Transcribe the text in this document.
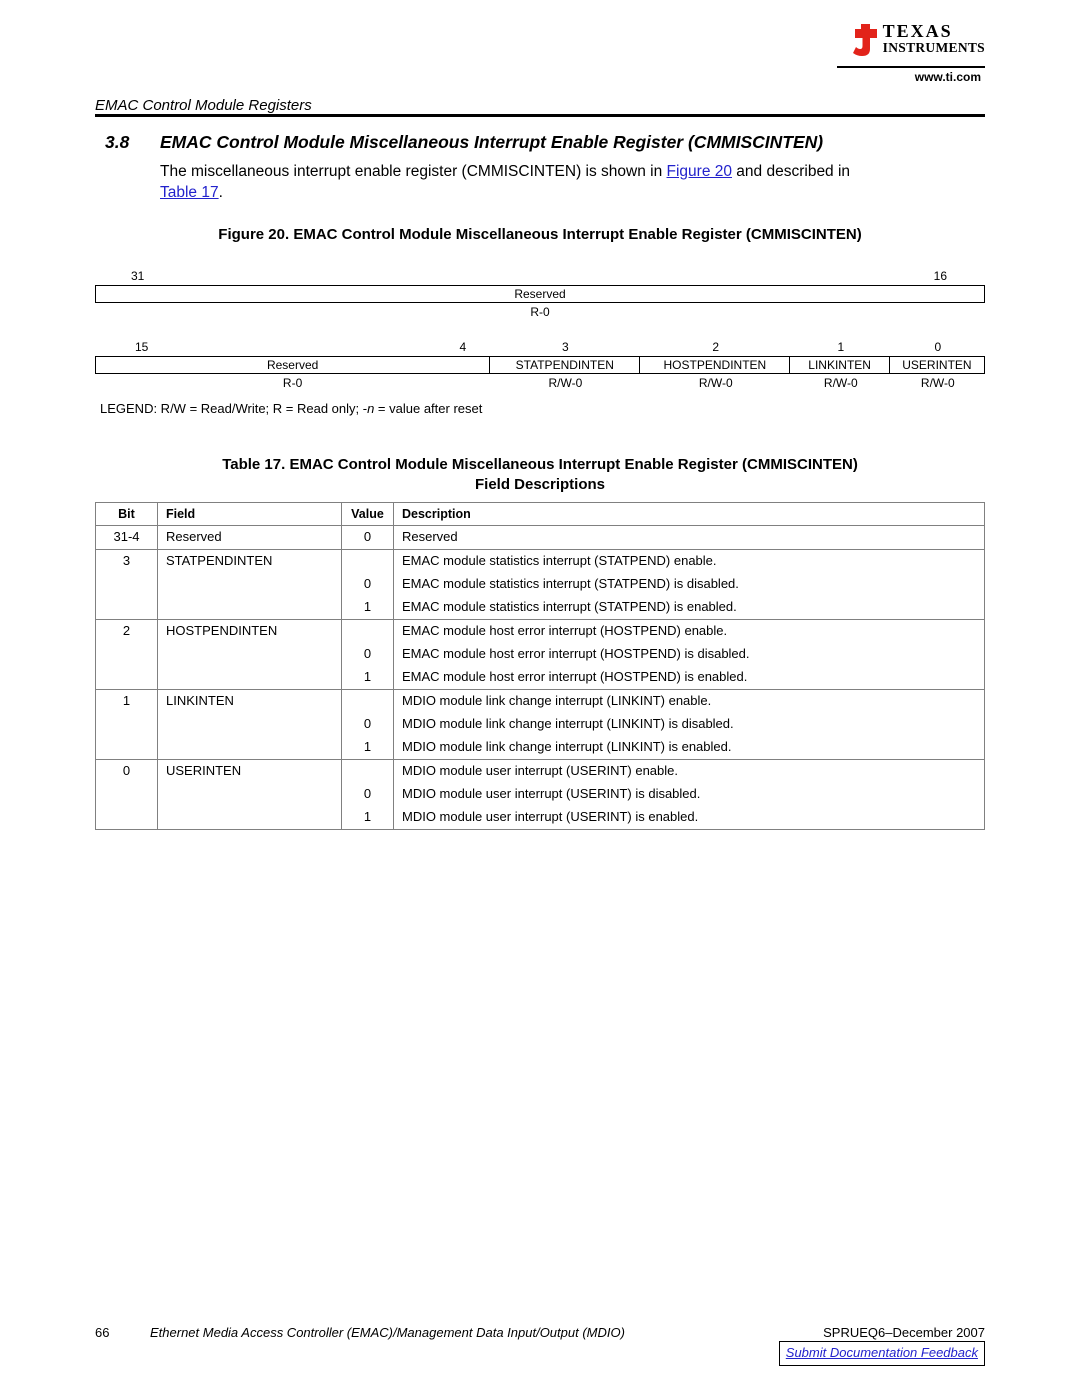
TEXAS
INSTRUMENTS
www.ti.com
EMAC Control Module Registers
3.8	EMAC Control Module Miscellaneous Interrupt Enable Register (CMMISCINTEN)

The miscellaneous interrupt enable register (CMMISCINTEN) is shown in Figure 20 and described in
Table 17.

Figure 20. EMAC Control Module Miscellaneous Interrupt Enable Register (CMMISCINTEN)
31	16
Reserved
R-0
15	4	3	2	1	0
Reserved	STATPENDINTEN	HOSTPENDINTEN	LINKINTEN	USERINTEN
R-0	R/W-0	R/W-0	R/W-0	R/W-0
LEGEND: R/W = Read/Write; R = Read only; -n = value after reset
Table 17. EMAC Control Module Miscellaneous Interrupt Enable Register (CMMISCINTEN)
Field Descriptions
Bit	Field	Value	Description
31-4	Reserved	0	Reserved
3	STATPENDINTEN		EMAC module statistics interrupt (STATPEND) enable.
		0	EMAC module statistics interrupt (STATPEND) is disabled.
		1	EMAC module statistics interrupt (STATPEND) is enabled.
2	HOSTPENDINTEN		EMAC module host error interrupt (HOSTPEND) enable.
		0	EMAC module host error interrupt (HOSTPEND) is disabled.
		1	EMAC module host error interrupt (HOSTPEND) is enabled.
1	LINKINTEN		MDIO module link change interrupt (LINKINT) enable.
		0	MDIO module link change interrupt (LINKINT) is disabled.
		1	MDIO module link change interrupt (LINKINT) is enabled.
0	USERINTEN		MDIO module user interrupt (USERINT) enable.
		0	MDIO module user interrupt (USERINT) is disabled.
		1	MDIO module user interrupt (USERINT) is enabled.
66	Ethernet Media Access Controller (EMAC)/Management Data Input/Output (MDIO)	SPRUEQ6–December 2007
Submit Documentation Feedback
